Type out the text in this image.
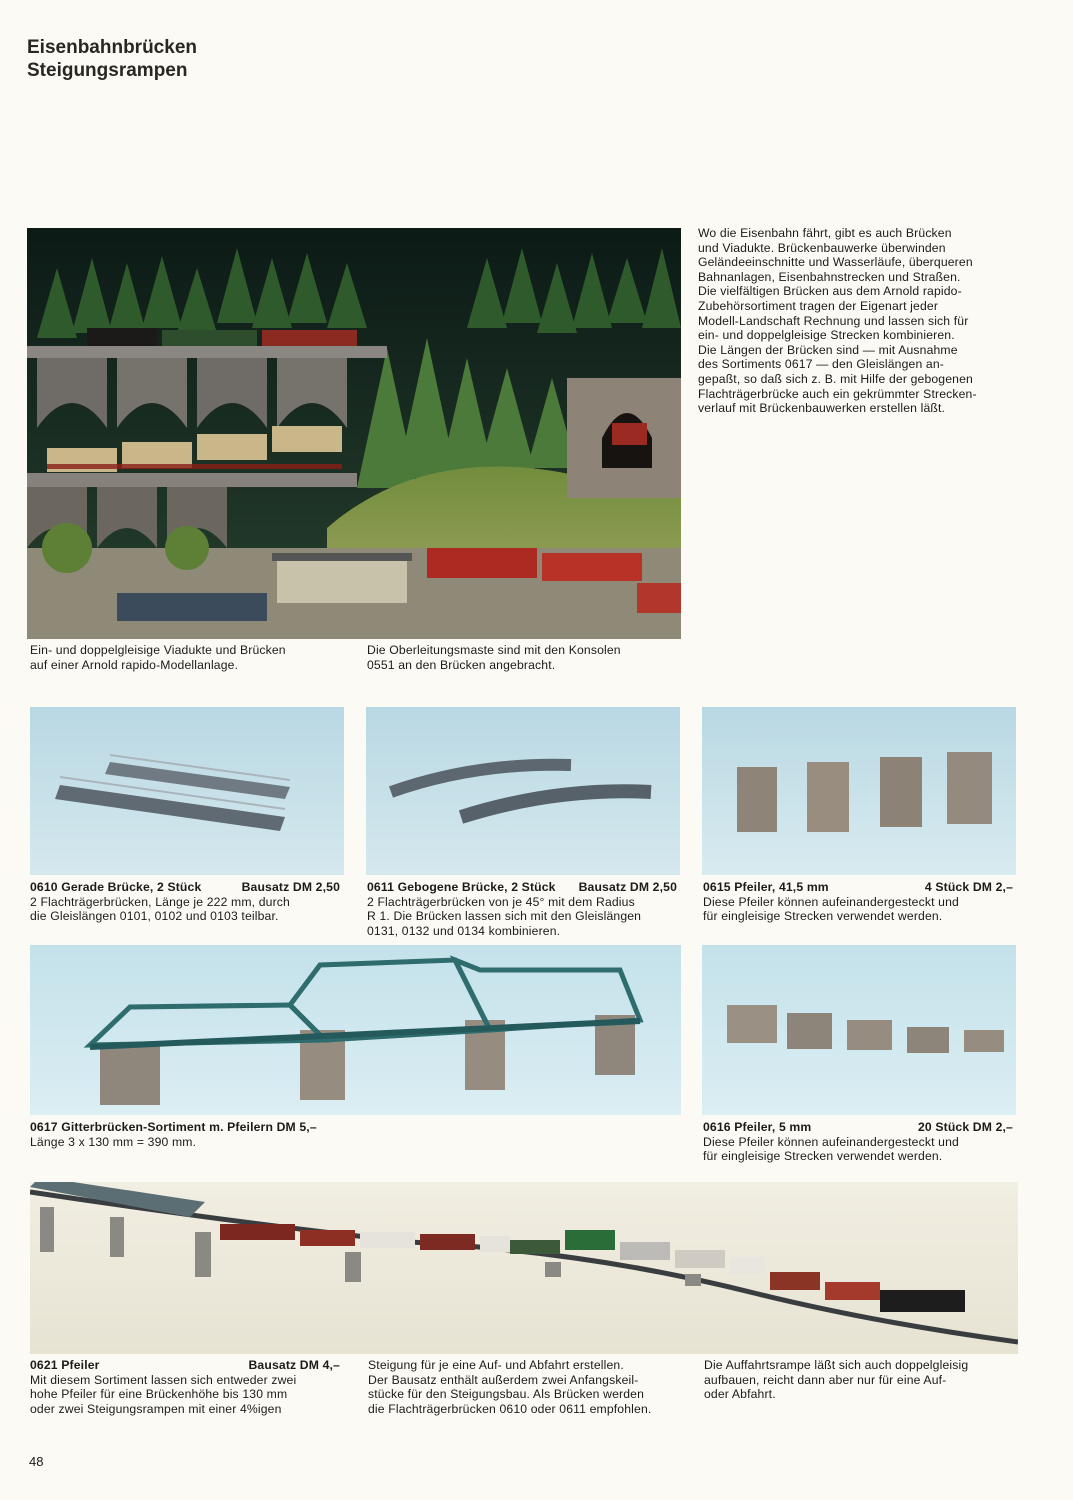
Eisenbahnbrücken
Steigungsrampen
Wo die Eisenbahn fährt, gibt es auch Brücken
und Viadukte. Brückenbauwerke überwinden
Geländeeinschnitte und Wasserläufe, überqueren
Bahnanlagen, Eisenbahnstrecken und Straßen.
Die vielfältigen Brücken aus dem Arnold rapido-
Zubehörsortiment tragen der Eigenart jeder
Modell-Landschaft Rechnung und lassen sich für
ein- und doppelgleisige Strecken kombinieren.
Die Längen der Brücken sind — mit Ausnahme
des Sortiments 0617 — den Gleislängen an-
gepaßt, so daß sich z. B. mit Hilfe der gebogenen
Flachträgerbrücke auch ein gekrümmter Strecken-
verlauf mit Brückenbauwerken erstellen läßt.
Ein- und doppelgleisige Viadukte und Brücken
auf einer Arnold rapido-Modellanlage.
Die Oberleitungsmaste sind mit den Konsolen
0551 an den Brücken angebracht.
0610 Gerade Brücke, 2 Stück	Bausatz DM 2,50
2 Flachträgerbrücken, Länge je 222 mm, durch
die Gleislängen 0101, 0102 und 0103 teilbar.
0611 Gebogene Brücke, 2 Stück Bausatz DM 2,50
2 Flachträgerbrücken von je 45° mit dem Radius
R 1. Die Brücken lassen sich mit den Gleislängen
0131, 0132 und 0134 kombinieren.
0615 Pfeiler, 41,5 mm	4 Stück DM 2,–
Diese Pfeiler können aufeinandergesteckt und
für eingleisige Strecken verwendet werden.
0617 Gitterbrücken-Sortiment m. Pfeilern DM 5,–
Länge 3 x 130 mm = 390 mm.
0616 Pfeiler, 5 mm	20 Stück DM 2,–
Diese Pfeiler können aufeinandergesteckt und
für eingleisige Strecken verwendet werden.
0621 Pfeiler	Bausatz DM 4,–
Mit diesem Sortiment lassen sich entweder zwei
hohe Pfeiler für eine Brückenhöhe bis 130 mm
oder zwei Steigungsrampen mit einer 4%igen
Steigung für je eine Auf- und Abfahrt erstellen.
Der Bausatz enthält außerdem zwei Anfangskeil-
stücke für den Steigungsbau. Als Brücken werden
die Flachträgerbrücken 0610 oder 0611 empfohlen.
Die Auffahrtsrampe läßt sich auch doppelgleisig
aufbauen, reicht dann aber nur für eine Auf-
oder Abfahrt.
48
